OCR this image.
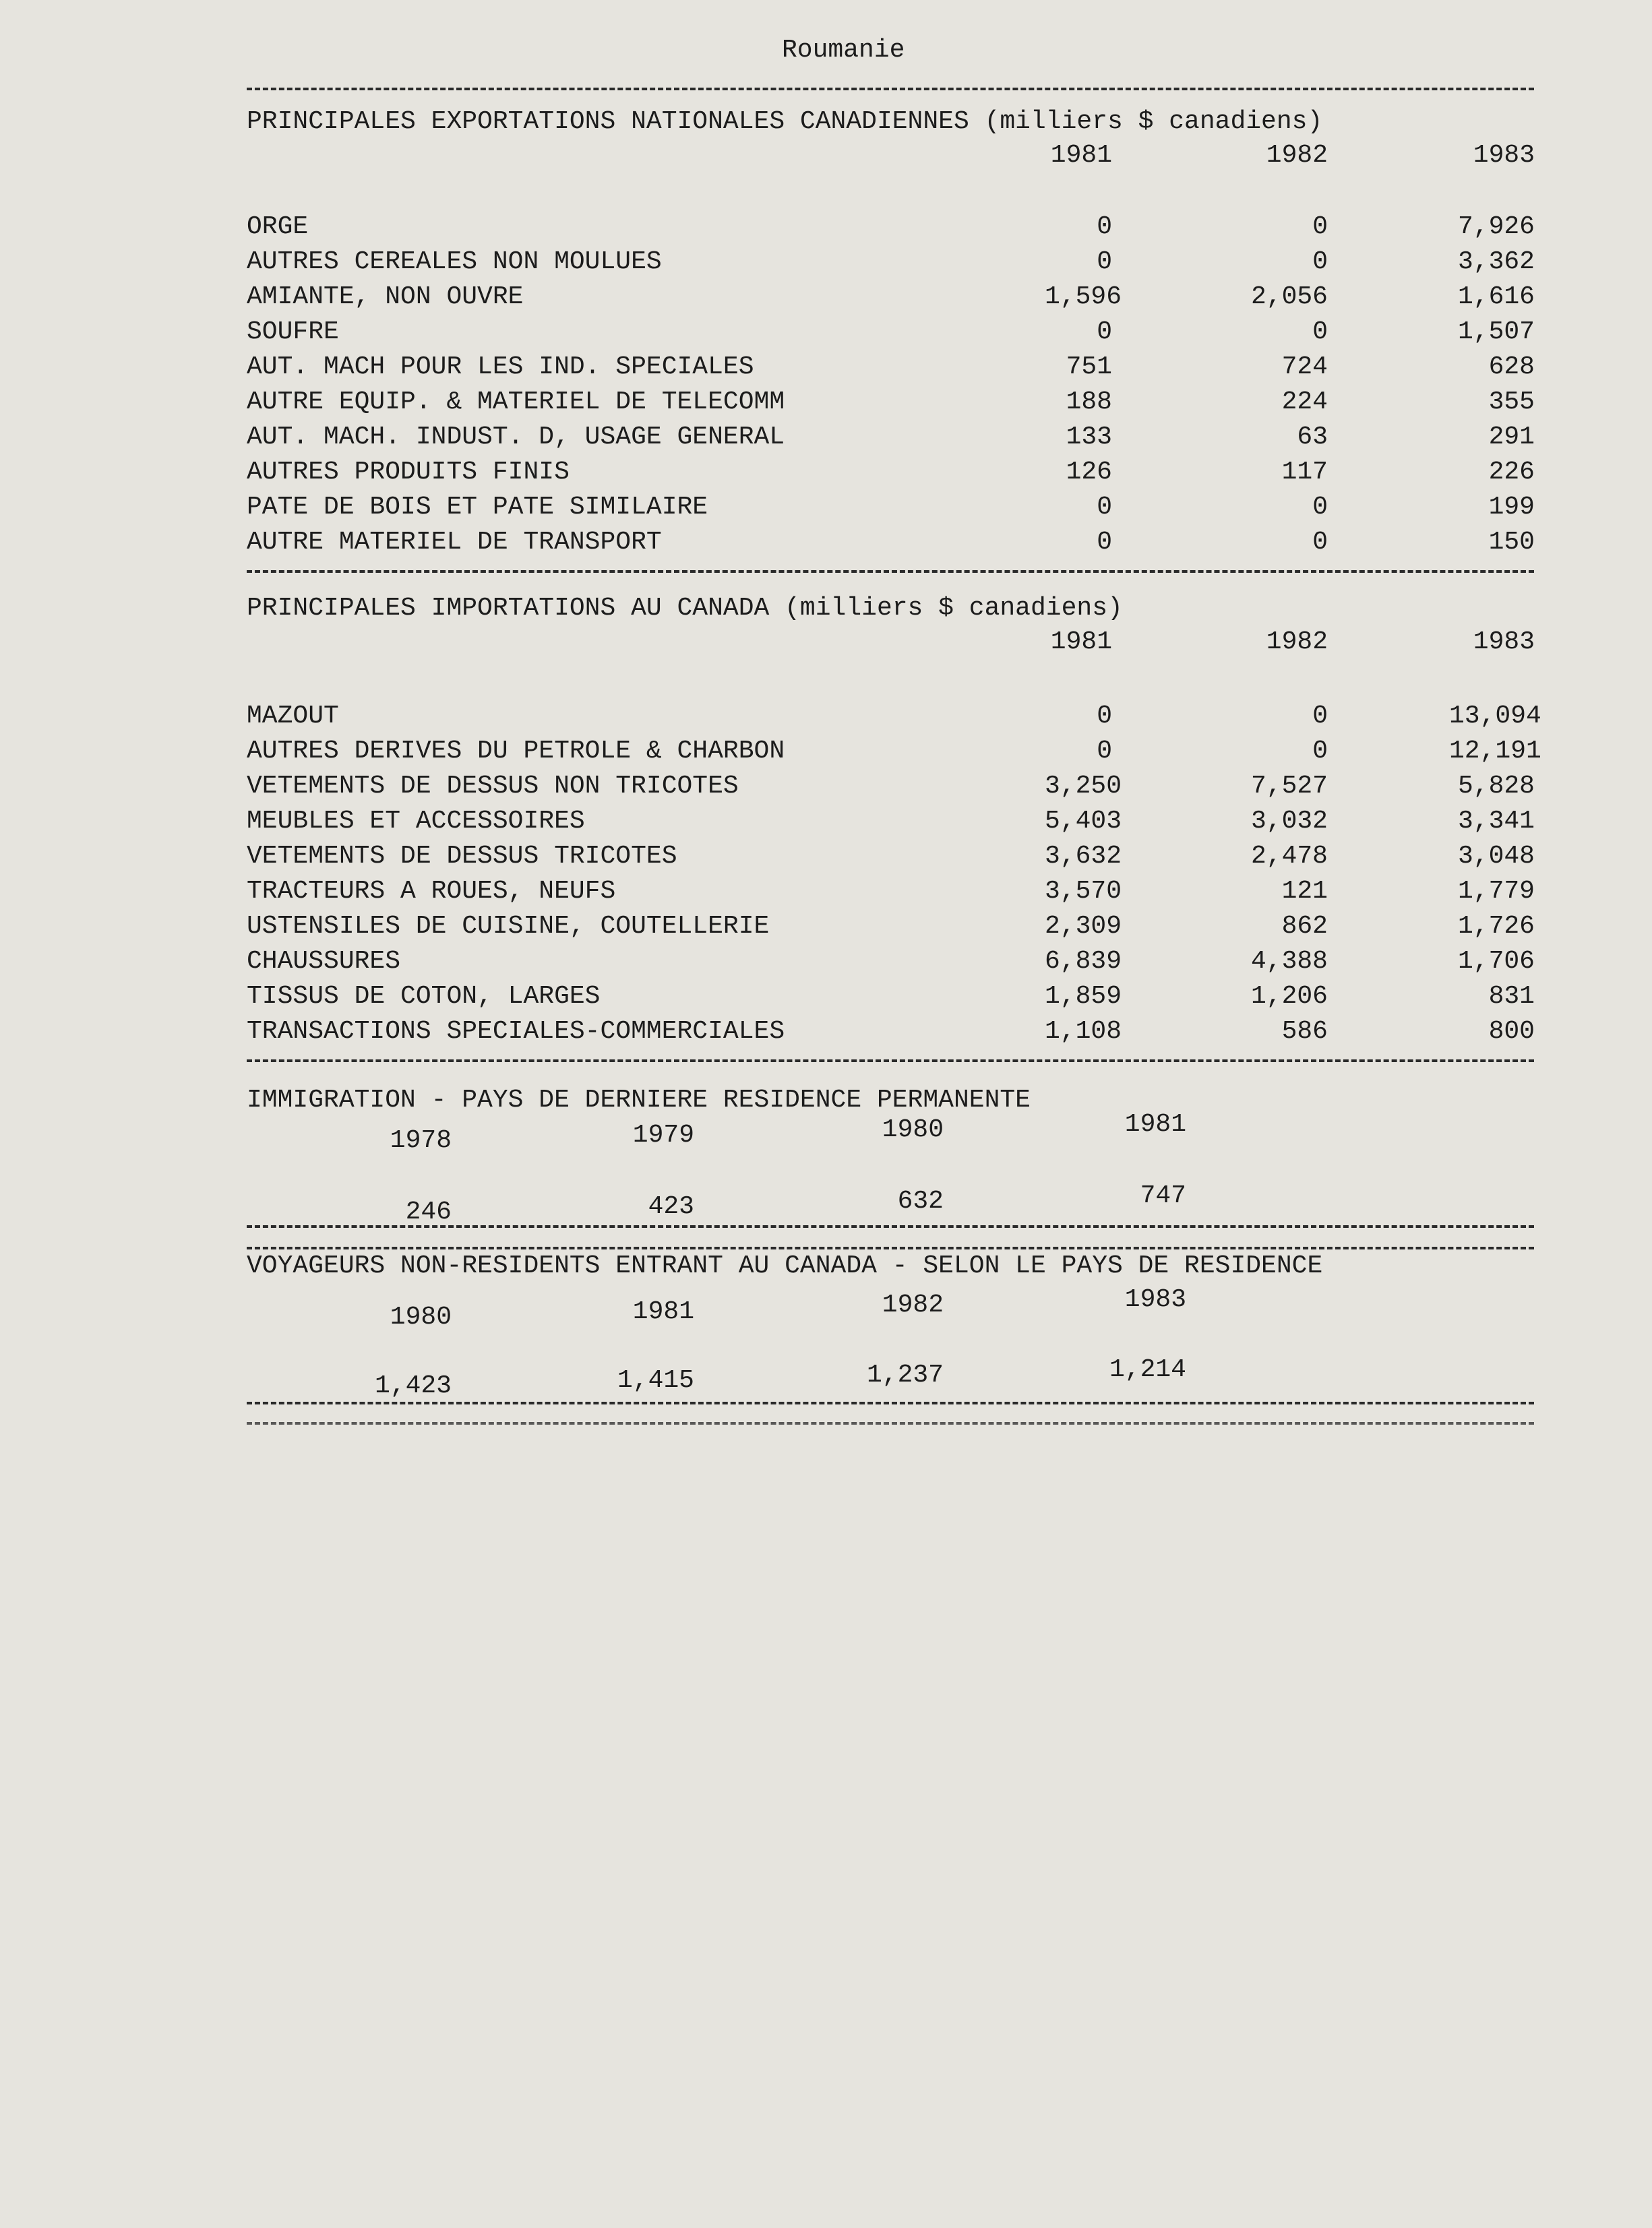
Roumanie
PRINCIPALES EXPORTATIONS NATIONALES CANADIENNES (milliers $ canadiens)
1981	1982	1983
ORGE	0	0	7,926
AUTRES CEREALES NON MOULUES	0	0	3,362
AMIANTE, NON OUVRE	1,596	2,056	1,616
SOUFRE	0	0	1,507
AUT. MACH POUR LES IND. SPECIALES	751	724	628
AUTRE EQUIP. & MATERIEL DE TELECOMM	188	224	355
AUT. MACH. INDUST. D, USAGE GENERAL	133	63	291
AUTRES PRODUITS FINIS	126	117	226
PATE DE BOIS ET PATE SIMILAIRE	0	0	199
AUTRE MATERIEL DE TRANSPORT	0	0	150
PRINCIPALES IMPORTATIONS AU CANADA (milliers $ canadiens)
1981	1982	1983
MAZOUT	0	0	13,094
AUTRES DERIVES DU PETROLE & CHARBON	0	0	12,191
VETEMENTS DE DESSUS NON TRICOTES	3,250	7,527	5,828
MEUBLES ET ACCESSOIRES	5,403	3,032	3,341
VETEMENTS DE DESSUS TRICOTES	3,632	2,478	3,048
TRACTEURS A ROUES, NEUFS	3,570	121	1,779
USTENSILES DE CUISINE, COUTELLERIE	2,309	862	1,726
CHAUSSURES	6,839	4,388	1,706
TISSUS DE COTON, LARGES	1,859	1,206	831
TRANSACTIONS SPECIALES-COMMERCIALES	1,108	586	800
IMMIGRATION - PAYS DE DERNIERE RESIDENCE PERMANENTE
1978	1979	1980	1981
246	423	632	747
VOYAGEURS NON-RESIDENTS ENTRANT AU CANADA - SELON LE PAYS DE RESIDENCE
1980	1981	1982	1983
1,423	1,415	1,237	1,214
